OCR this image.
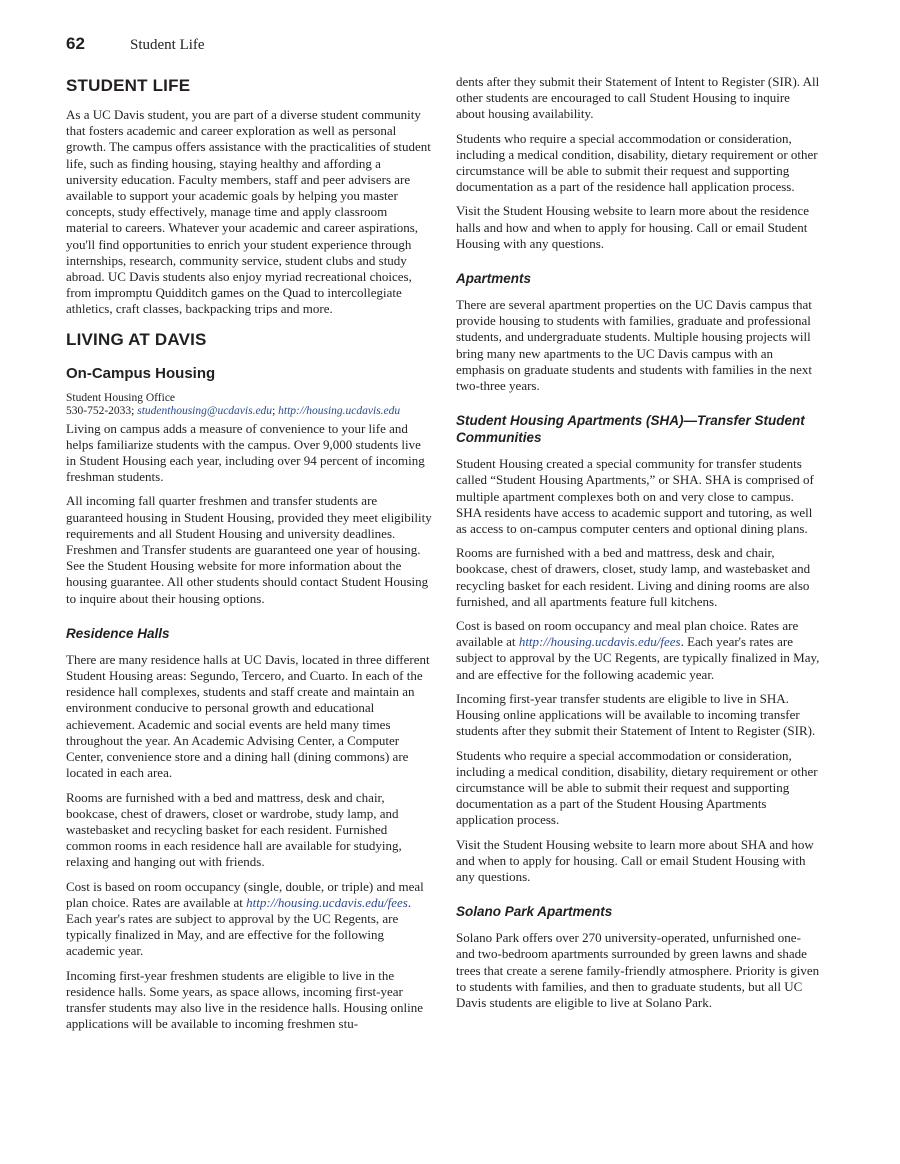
62	Student Life
STUDENT LIFE

As a UC Davis student, you are part of a diverse student community that fosters academic and career exploration as well as personal growth. The campus offers assistance with the practicalities of student life, such as finding housing, staying healthy and affording a university education. Faculty members, staff and peer advisers are available to support your academic goals by helping you master concepts, study effectively, manage time and apply classroom material to careers. Whatever your academic and career aspirations, you'll find opportunities to enrich your student experience through internships, research, community service, student clubs and study abroad. UC Davis students also enjoy myriad recreational choices, from impromptu Quidditch games on the Quad to intercollegiate athletics, craft classes, backpacking trips and more.

LIVING AT DAVIS
On-Campus Housing
Student Housing Office
530-752-2033; studenthousing@ucdavis.edu; http://housing.ucdavis.edu

Living on campus adds a measure of convenience to your life and helps familiarize students with the campus. Over 9,000 students live in Student Housing each year, including over 94 percent of incoming freshman students.

All incoming fall quarter freshmen and transfer students are guaranteed housing in Student Housing, provided they meet eligibility requirements and all Student Housing and university deadlines. Freshmen and Transfer students are guaranteed one year of housing. See the Student Housing website for more information about the housing guarantee. All other students should contact Student Housing to inquire about their housing options.

Residence Halls

There are many residence halls at UC Davis, located in three different Student Housing areas: Segundo, Tercero, and Cuarto. In each of the residence hall complexes, students and staff create and maintain an environment conducive to personal growth and educational achievement. Academic and social events are held many times throughout the year. An Academic Advising Center, a Computer Center, convenience store and a dining hall (dining commons) are located in each area.

Rooms are furnished with a bed and mattress, desk and chair, bookcase, chest of drawers, closet or wardrobe, study lamp, and wastebasket and recycling basket for each resident. Furnished common rooms in each residence hall are available for studying, relaxing and hanging out with friends.

Cost is based on room occupancy (single, double, or triple) and meal plan choice. Rates are available at http://housing.ucdavis.edu/fees. Each year's rates are subject to approval by the UC Regents, are typically finalized in May, and are effective for the following academic year.

Incoming first-year freshmen students are eligible to live in the residence halls. Some years, as space allows, incoming first-year transfer students may also live in the residence halls. Housing online applications will be available to incoming freshmen stu-

dents after they submit their Statement of Intent to Register (SIR). All other students are encouraged to call Student Housing to inquire about housing availability.

Students who require a special accommodation or consideration, including a medical condition, disability, dietary requirement or other circumstance will be able to submit their request and supporting documentation as a part of the residence hall application process.

Visit the Student Housing website to learn more about the residence halls and how and when to apply for housing. Call or email Student Housing with any questions.

Apartments

There are several apartment properties on the UC Davis campus that provide housing to students with families, graduate and professional students, and undergraduate students. Multiple housing projects will bring many new apartments to the UC Davis campus with an emphasis on graduate students and students with families in the next two-three years.

Student Housing Apartments (SHA)—Transfer Student Communities

Student Housing created a special community for transfer students called “Student Housing Apartments,” or SHA. SHA is comprised of multiple apartment complexes both on and very close to campus. SHA residents have access to academic support and tutoring, as well as access to on-campus computer centers and optional dining plans.

Rooms are furnished with a bed and mattress, desk and chair, bookcase, chest of drawers, closet, study lamp, and wastebasket and recycling basket for each resident. Living and dining rooms are also furnished, and all apartments feature full kitchens.

Cost is based on room occupancy and meal plan choice. Rates are available at http://housing.ucdavis.edu/fees. Each year's rates are subject to approval by the UC Regents, are typically finalized in May, and are effective for the following academic year.

Incoming first-year transfer students are eligible to live in SHA. Housing online applications will be available to incoming transfer students after they submit their Statement of Intent to Register (SIR).

Students who require a special accommodation or consideration, including a medical condition, disability, dietary requirement or other circumstance will be able to submit their request and supporting documentation as a part of the Student Housing Apartments application process.

Visit the Student Housing website to learn more about SHA and how and when to apply for housing. Call or email Student Housing with any questions.

Solano Park Apartments

Solano Park offers over 270 university-operated, unfurnished one- and two-bedroom apartments surrounded by green lawns and shade trees that create a serene family-friendly atmosphere. Priority is given to students with families, and then to graduate students, but all UC Davis students are eligible to live at Solano Park.
